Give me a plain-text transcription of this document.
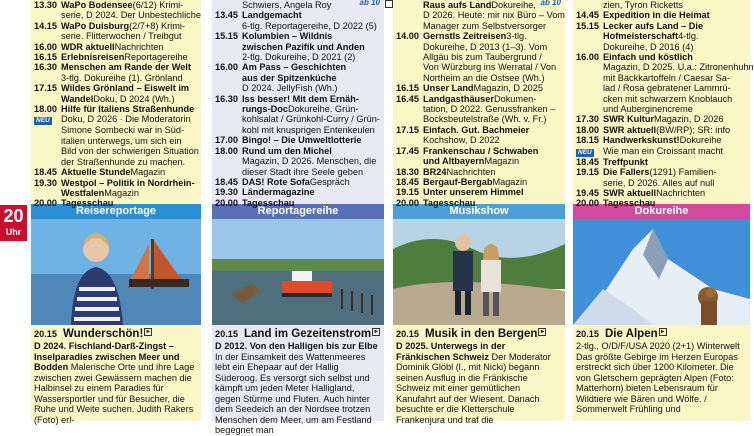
20
Uhr
13.30 WaPo Bodensee (6/12) Krimi-
serie, D 2024. Der Unbestechliche
14.15 WaPo Duisburg (2/7+8) Krimi-
serie. Flitterwochen / Treibgut
16.00 WDR aktuell Nachrichten
16.15 Erlebnisreisen Reportagereihe
16.30 Menschen am Rande der Welt
3-tlg. Dokureihe (1). Grönland
17.15 Wildes Grönland – Eiswelt im
Wandel Doku, D 2024 (Wh.)
18.00 Hilfe für Italiens Straßenhunde
NEU	Doku, D 2026 · Die Moderatorin
Simone Sombecki war in Süd-
italien unterwegs, um sich ein
Bild von der schwierigen Situation
der Straßenhunde zu machen.
18.45 Aktuelle Stunde Magazin
19.30 Westpol – Politik in Nordrhein-
Westfalen Magazin
20.00 Tagesschau
Reisereportage
20.15 Wunderschön! ▸
D 2024. Fischland-Darß-Zingst – Inselparadies zwischen Meer und Bodden Malerische Orte und ihre Lage zwischen zwei Gewässern machen die Halbinsel zu einem Paradies für Wassersportler und für Besucher, die Ruhe und Weite suchen. Judith Rakers (Foto) erl-
ab 10
Schwiers, Angela Roy
13.45 Landgemacht
6-tlg. Reportagereihe, D 2022 (5)
15.15 Kolumbien – Wildnis
zwischen Pazifik und Anden
2-tlg. Dokureihe, D 2021 (2)
16.00 Am Pass – Geschichten
aus der Spitzenküche
D 2024. JellyFish (Wh.)
16.30 Iss besser! Mit dem Ernäh-
rungs-Doc Dokureihe. Grün-
kohlsalat / Grünkohl-Curry / Grün-
kohl mit knusprigen Entenkeulen
17.00 Bingo! – Die Umweltlotterie
18.00 Rund um den Michel
Magazin, D 2026. Menschen, die
dieser Stadt ihre Seele geben
18.45 DAS! Rote Sofa Gespräch
19.30 Ländermagazine
20.00 Tagesschau
Reportagereihe
20.15 Land im Gezeitenstrom ▸
D 2012. Von den Halligen bis zur Elbe In der Einsamkeit des Wattenmeeres lebt ein Ehepaar auf der Hallig Süderoog. Es versorgt sich selbst und kämpft um jeden Meter Halligland, gegen Stürme und Fluten. Auch hinter dem Seedeich an der Nordsee trotzen Menschen dem Meer, um am Festland begegnet man
ab 10
Raus aufs Land Dokureihe,
D 2026. Heute: mir nix Büro – Vom
Manager zum Selbstversorger
14.00 Gernstls Zeitreisen 3-tlg.
Dokureihe, D 2013 (1–3). Vom
Allgäu bis zum Taubergrund /
Von Würzburg ins Werratal / Von
Northeim an die Ostsee (Wh.)
16.15 Unser Land Magazin, D 2025
16.45 Landgasthäuser Dokumen-
tation, D 2022. Genussfranken –
Bocksbeutelstraße (Wh. v. Fr.)
17.15 Einfach. Gut. Bachmeier
Kochshow, D 2022
17.45 Frankenschau / Schwaben
und Altbayern Magazin
18.30 BR24 Nachrichten
18.45 Bergauf-Bergab Magazin
19.15 Unter unserem Himmel
20.00 Tagesschau
Musikshow
20.15 Musik in den Bergen ▸
D 2025. Unterwegs in der Fränkischen Schweiz Der Moderator Dominik Glöbl (l., mit Nicki) begann seinen Ausflug in die Fränkische Schweiz mit einer gemütlichen Kanufahrt auf der Wiesent. Danach besuchte er die Kletterschule Frankenjura und traf die
zien, Tyron Ricketts
14.45 Expedition in die Heimat
15.15 Lecker aufs Land – Die
Hofmeisterschaft 4-tlg.
Dokureihe, D 2016 (4)
16.00 Einfach und köstlich
Magazin, D 2025. U.a.: Zitronenhuhn
mit Backkartoffeln / Caesar Sa-
lad / Rosa gebratener Lammrü-
cken mit schwarzem Knoblauch
und Auberginencreme
17.30 SWR Kultur Magazin, D 2026
18.00 SWR aktuell (BW/RP); SR: info
18.15 Handwerkskunst! Dokureihe
NEU	Wie man ein Croissant macht
18.45 Treffpunkt
19.15 Die Fallers (1291) Familien-
serie, D 2026. Alles auf null
19.45 SWR aktuell Nachrichten
20.00 Tagesschau
Dokureihe
20.15 Die Alpen ▸
2-tlg., O/D/F/USA 2020 (2+1) Winterwelt Das größte Gebirge im Herzen Europas erstreckt sich über 1200 Kilometer. Die von Gletschern geprägten Alpen (Foto: Matterhorn) bieten Lebensraum für Wildtiere wie Bären und Wölfe. / Sommerwelt Frühling und
